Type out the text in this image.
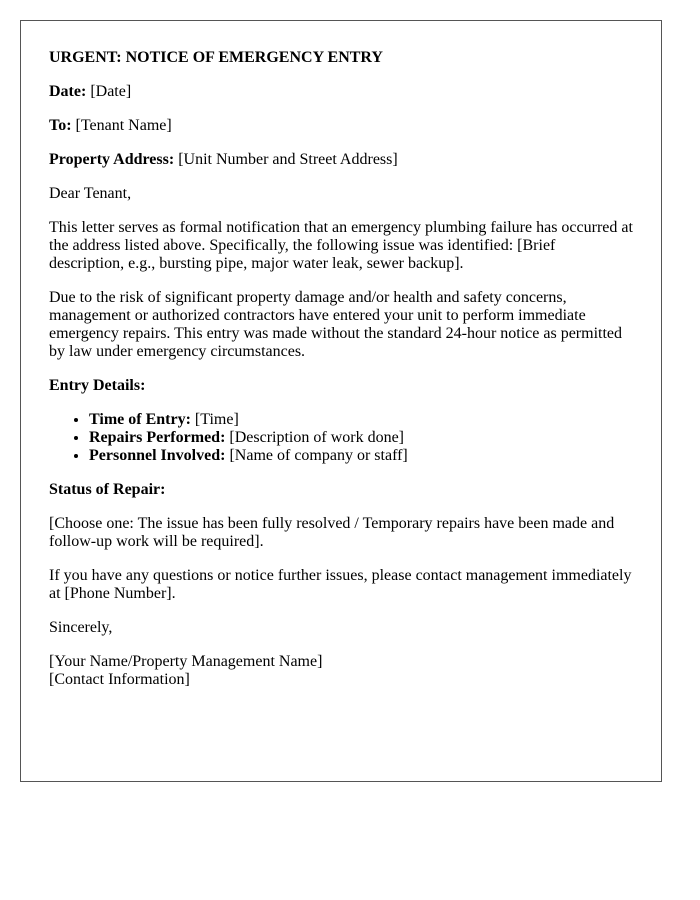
URGENT: NOTICE OF EMERGENCY ENTRY

Date: [Date]

To: [Tenant Name]

Property Address: [Unit Number and Street Address]

Dear Tenant,

This letter serves as formal notification that an emergency plumbing failure has occurred at the address listed above. Specifically, the following issue was identified: [Brief description, e.g., bursting pipe, major water leak, sewer backup].

Due to the risk of significant property damage and/or health and safety concerns, management or authorized contractors have entered your unit to perform immediate emergency repairs. This entry was made without the standard 24-hour notice as permitted by law under emergency circumstances.

Entry Details:

• Time of Entry: [Time]
• Repairs Performed: [Description of work done]
• Personnel Involved: [Name of company or staff]

Status of Repair:

[Choose one: The issue has been fully resolved / Temporary repairs have been made and follow-up work will be required].

If you have any questions or notice further issues, please contact management immediately at [Phone Number].

Sincerely,

[Your Name/Property Management Name]
[Contact Information]
